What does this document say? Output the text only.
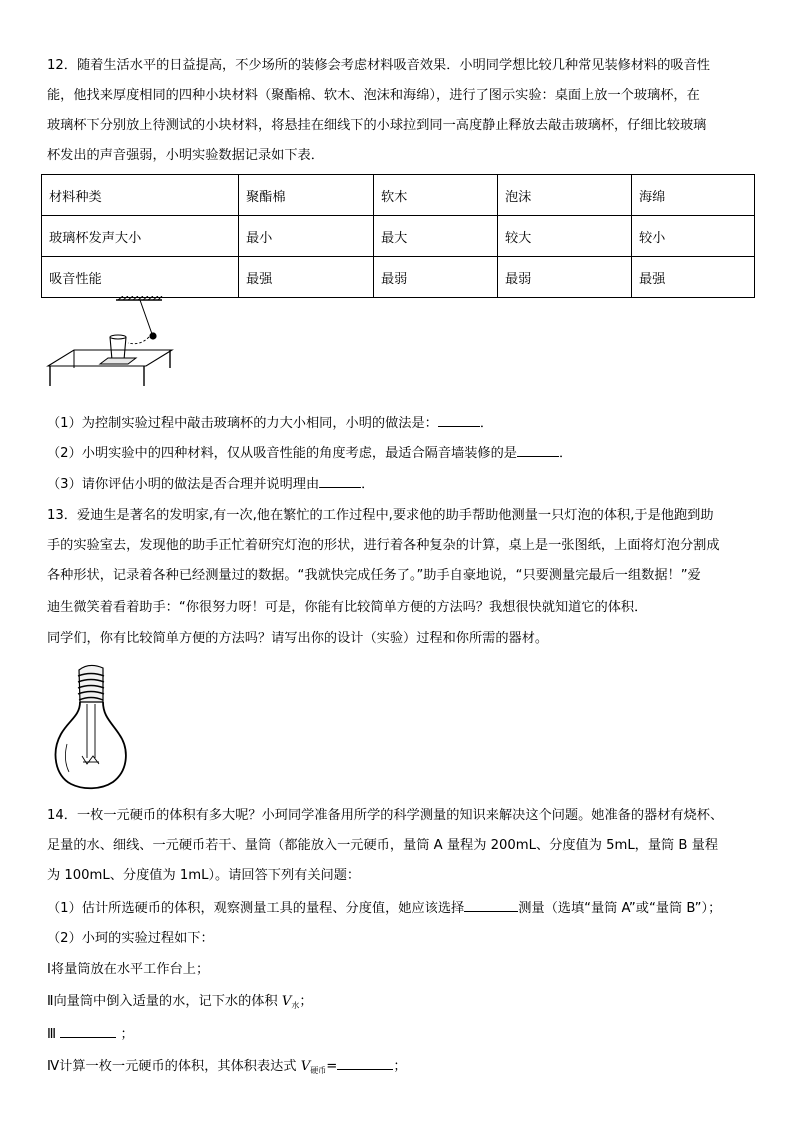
12．随着生活水平的日益提高，不少场所的装修会考虑材料吸音效果．小明同学想比较几种常见装修材料的吸音性
能，他找来厚度相同的四种小块材料（聚酯棉、软木、泡沫和海绵），进行了图示实验：桌面上放一个玻璃杯，在
玻璃杯下分别放上待测试的小块材料，将悬挂在细线下的小球拉到同一高度静止释放去敲击玻璃杯，仔细比较玻璃
杯发出的声音强弱，小明实验数据记录如下表．
材料种类	聚酯棉	软木	泡沫	海绵
玻璃杯发声大小	最小	最大	较大	较小
吸音性能	最强	最弱	最弱	最强
（1）为控制实验过程中敲击玻璃杯的力大小相同，小明的做法是：	．
（2）小明实验中的四种材料，仅从吸音性能的角度考虑，最适合隔音墙装修的是	．
（3）请你评估小明的做法是否合理并说明理由	．
13．爱迪生是著名的发明家,有一次,他在繁忙的工作过程中,要求他的助手帮助他测量一只灯泡的体积,于是他跑到助
手的实验室去，发现他的助手正忙着研究灯泡的形状，进行着各种复杂的计算，桌上是一张图纸，上面将灯泡分割成
各种形状，记录着各种已经测量过的数据。“我就快完成任务了。”助手自豪地说，“只要测量完最后一组数据！”爱
迪生微笑着看着助手：“你很努力呀！可是，你能有比较简单方便的方法吗？我想很快就知道它的体积．
同学们，你有比较简单方便的方法吗？请写出你的设计（实验）过程和你所需的器材。
14．一枚一元硬币的体积有多大呢？小珂同学准备用所学的科学测量的知识来解决这个问题。她准备的器材有烧杯、
足量的水、细线、一元硬币若干、量筒（都能放入一元硬币，量筒 A 量程为 200mL、分度值为 5mL，量筒 B 量程
为 100mL、分度值为 1mL）。请回答下列有关问题：
（1）估计所选硬币的体积，观察测量工具的量程、分度值，她应该选择	测量（选填“量筒 A”或“量筒 B”）；
（2）小珂的实验过程如下：
Ⅰ将量筒放在水平工作台上；
Ⅱ向量筒中倒入适量的水，记下水的体积 $V_水$；
Ⅲ	；
Ⅳ计算一枚一元硬币的体积，其体积表达式 $V_{硬币}=$	；
